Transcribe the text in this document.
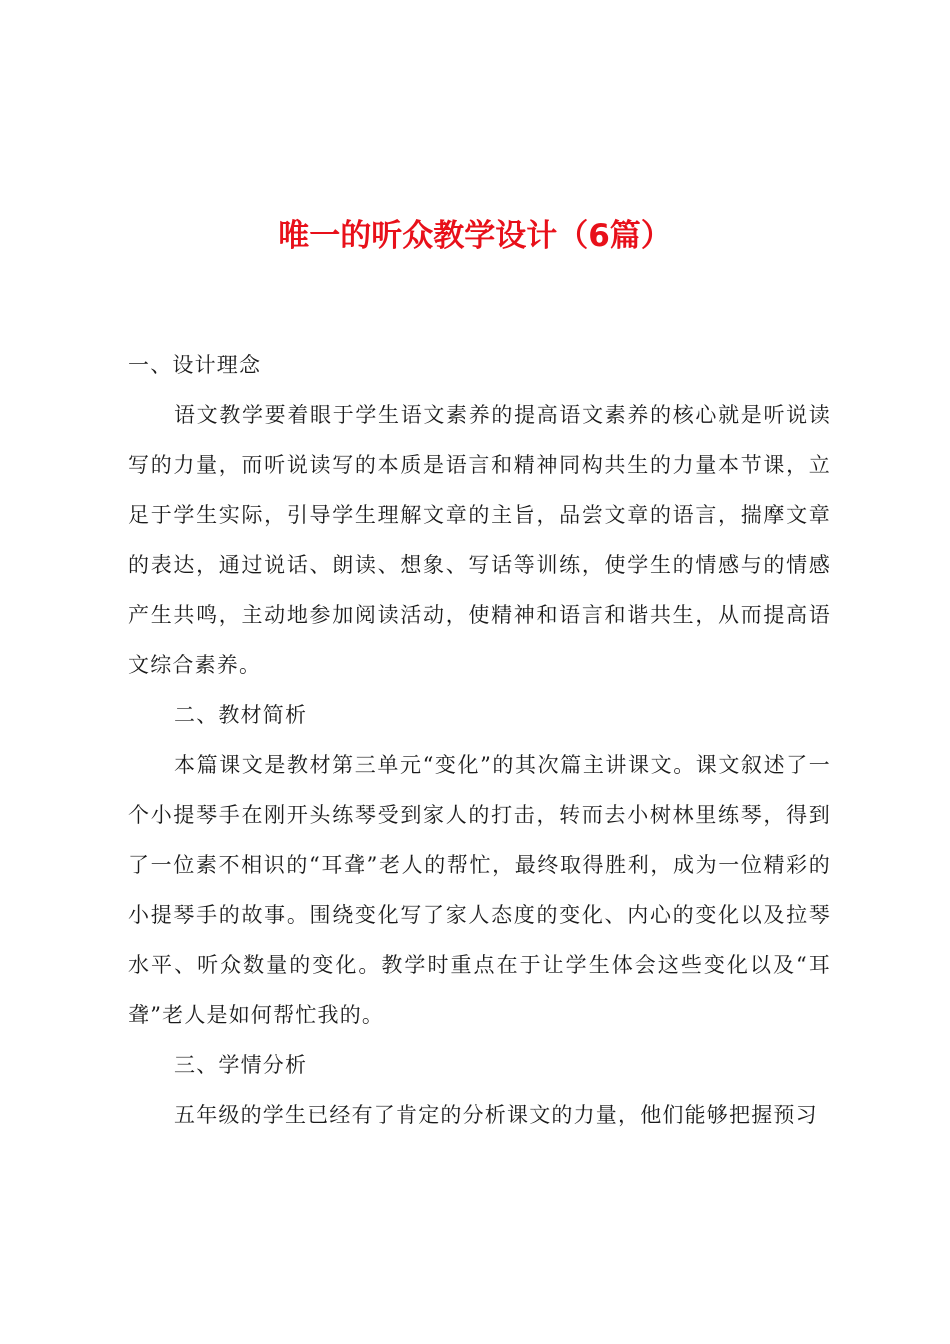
唯一的听众教学设计（6篇）

一、设计理念

语文教学要着眼于学生语文素养的提高语文素养的核心就是听说读写的力量，而听说读写的本质是语言和精神同构共生的力量本节课，立足于学生实际，引导学生理解文章的主旨，品尝文章的语言，揣摩文章的表达，通过说话、朗读、想象、写话等训练，使学生的情感与的情感产生共鸣，主动地参加阅读活动，使精神和语言和谐共生，从而提高语文综合素养。

二、教材简析

本篇课文是教材第三单元“变化”的其次篇主讲课文。课文叙述了一个小提琴手在刚开头练琴受到家人的打击，转而去小树林里练琴，得到了一位素不相识的“耳聋”老人的帮忙，最终取得胜利，成为一位精彩的小提琴手的故事。围绕变化写了家人态度的变化、内心的变化以及拉琴水平、听众数量的变化。教学时重点在于让学生体会这些变化以及“耳聋”老人是如何帮忙我的。

三、学情分析

五年级的学生已经有了肯定的分析课文的力量，他们能够把握预习
